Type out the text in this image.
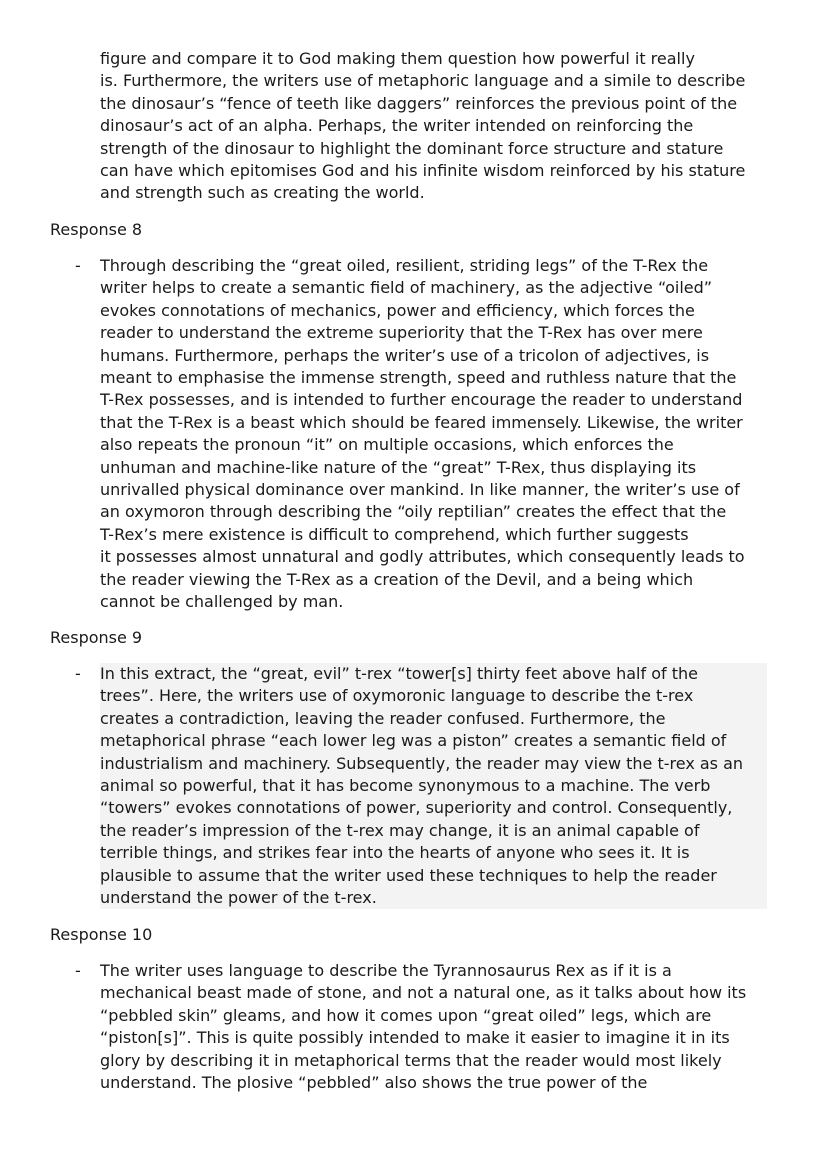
figure and compare it to God making them question how powerful it really
is. Furthermore, the writers use of metaphoric language and a simile to describe
the dinosaur’s “fence of teeth like daggers” reinforces the previous point of the
dinosaur’s act of an alpha. Perhaps, the writer intended on reinforcing the
strength of the dinosaur to highlight the dominant force structure and stature
can have which epitomises God and his infinite wisdom reinforced by his stature
and strength such as creating the world.

Response 8

-	Through describing the “great oiled, resilient, striding legs” of the T-Rex the
writer helps to create a semantic field of machinery, as the adjective “oiled”
evokes connotations of mechanics, power and efficiency, which forces the
reader to understand the extreme superiority that the T-Rex has over mere
humans. Furthermore, perhaps the writer’s use of a tricolon of adjectives, is
meant to emphasise the immense strength, speed and ruthless nature that the
T-Rex possesses, and is intended to further encourage the reader to understand
that the T-Rex is a beast which should be feared immensely. Likewise, the writer
also repeats the pronoun “it” on multiple occasions, which enforces the
unhuman and machine-like nature of the “great” T-Rex, thus displaying its
unrivalled physical dominance over mankind. In like manner, the writer’s use of
an oxymoron through describing the “oily reptilian” creates the effect that the
T-Rex’s mere existence is difficult to comprehend, which further suggests
it possesses almost unnatural and godly attributes, which consequently leads to
the reader viewing the T-Rex as a creation of the Devil, and a being which
cannot be challenged by man.

Response 9

-	In this extract, the “great, evil” t-rex “tower[s] thirty feet above half of the
trees”. Here, the writers use of oxymoronic language to describe the t-rex
creates a contradiction, leaving the reader confused. Furthermore, the
metaphorical phrase “each lower leg was a piston” creates a semantic field of
industrialism and machinery. Subsequently, the reader may view the t-rex as an
animal so powerful, that it has become synonymous to a machine. The verb
“towers” evokes connotations of power, superiority and control. Consequently,
the reader’s impression of the t-rex may change, it is an animal capable of
terrible things, and strikes fear into the hearts of anyone who sees it. It is
plausible to assume that the writer used these techniques to help the reader
understand the power of the t-rex.

Response 10

-	The writer uses language to describe the Tyrannosaurus Rex as if it is a
mechanical beast made of stone, and not a natural one, as it talks about how its
“pebbled skin” gleams, and how it comes upon “great oiled” legs, which are
“piston[s]”. This is quite possibly intended to make it easier to imagine it in its
glory by describing it in metaphorical terms that the reader would most likely
understand. The plosive “pebbled” also shows the true power of the
